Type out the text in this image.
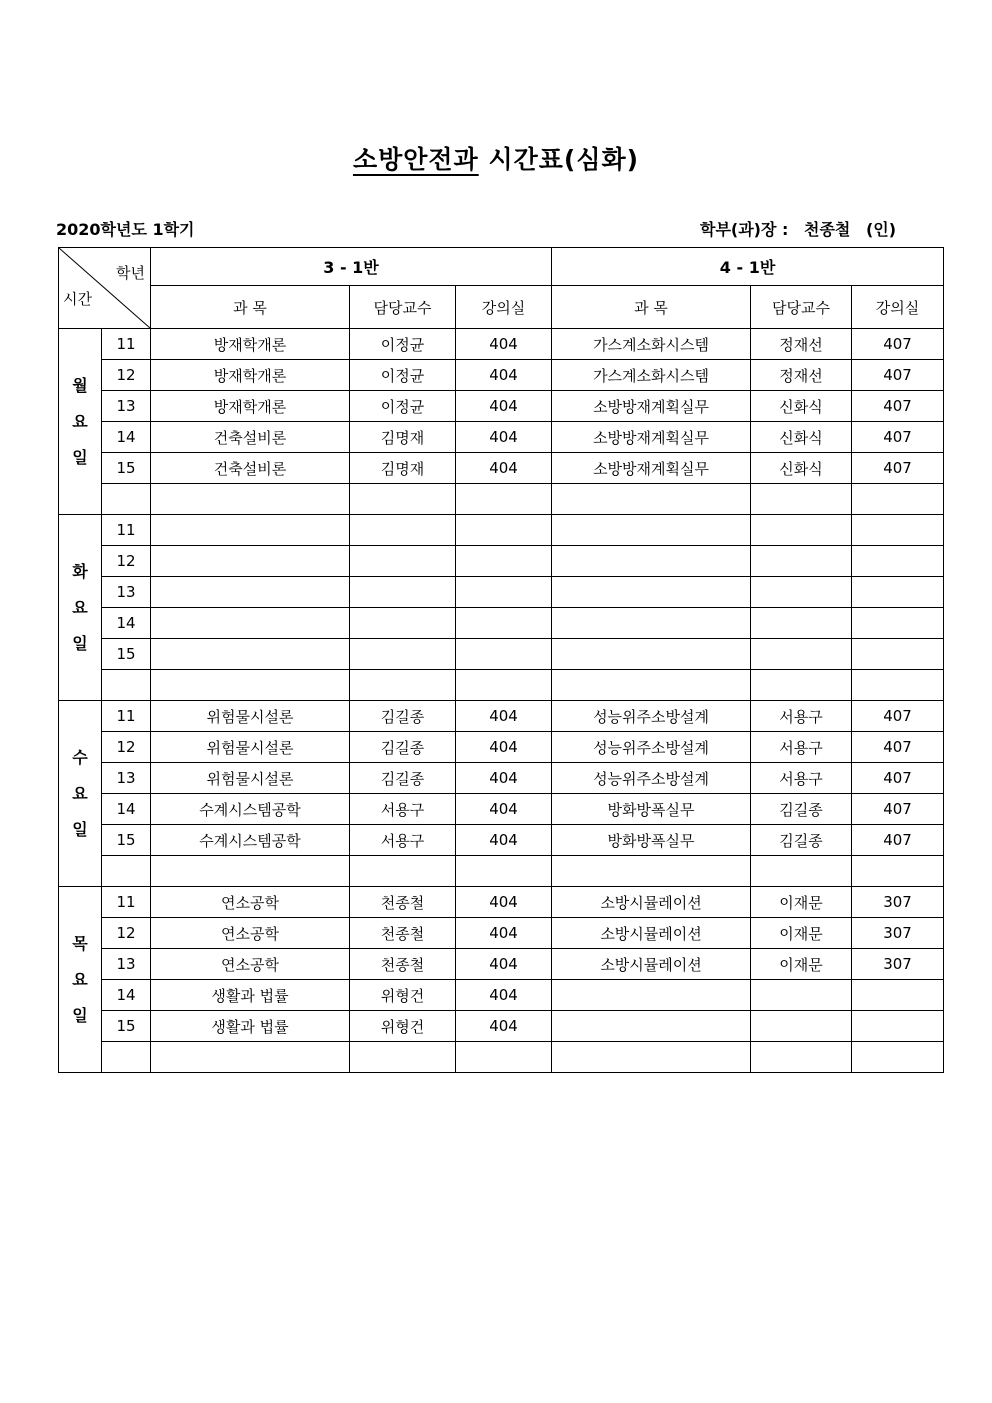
소방안전과 시간표(심화)
2020학년도 1학기	학부(과)장 : 천종철 (인)
학년
시간		3 - 1반			4 - 1반		
		과 목	담당교수	강의실	과 목	담당교수	강의실

월
요
일	11	방재학개론	이정균	404	가스계소화시스템	정재선	407
	12	방재학개론	이정균	404	가스계소화시스템	정재선	407
	13	방재학개론	이정균	404	소방방재계획실무	신화식	407
	14	건축설비론	김명재	404	소방방재계획실무	신화식	407
	15	건축설비론	김명재	404	소방방재계획실무	신화식	407

화
요
일	11						
	12						
	13						
	14						
	15						

수
요
일	11	위험물시설론	김길종	404	성능위주소방설계	서용구	407
	12	위험물시설론	김길종	404	성능위주소방설계	서용구	407
	13	위험물시설론	김길종	404	성능위주소방설계	서용구	407
	14	수계시스템공학	서용구	404	방화방폭실무	김길종	407
	15	수계시스템공학	서용구	404	방화방폭실무	김길종	407

목
요
일	11	연소공학	천종철	404	소방시뮬레이션	이재문	307
	12	연소공학	천종철	404	소방시뮬레이션	이재문	307
	13	연소공학	천종철	404	소방시뮬레이션	이재문	307
	14	생활과 법률	위형건	404			
	15	생활과 법률	위형건	404			
